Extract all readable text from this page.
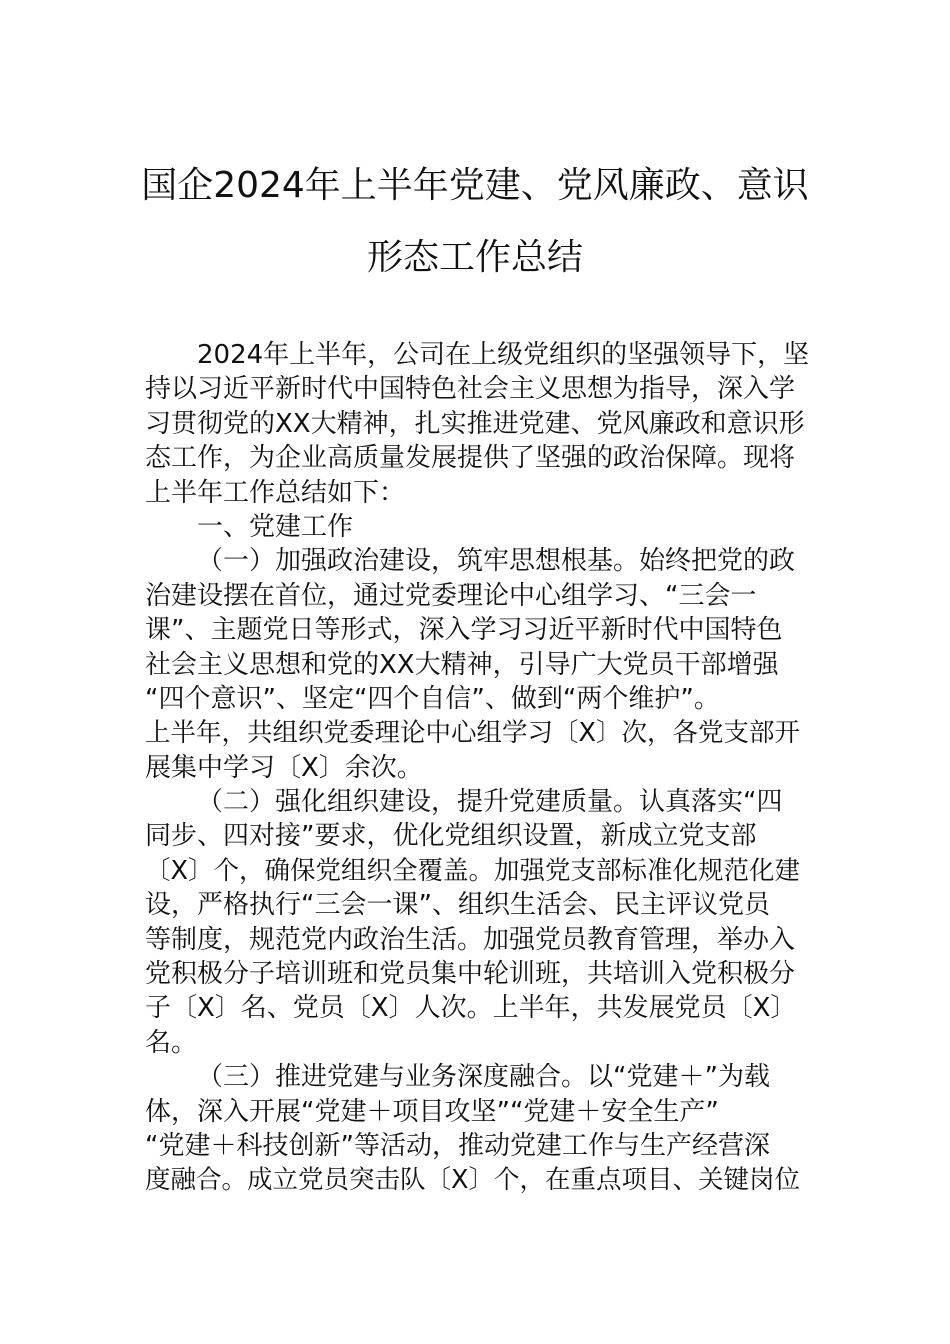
国企2024年上半年党建、党风廉政、意识
形态工作总结
2024年上半年，公司在上级党组织的坚强领导下，坚
持以习近平新时代中国特色社会主义思想为指导，深入学
习贯彻党的XX大精神，扎实推进党建、党风廉政和意识形
态工作，为企业高质量发展提供了坚强的政治保障。现将
上半年工作总结如下：
一、党建工作
（一）加强政治建设，筑牢思想根基。始终把党的政
治建设摆在首位，通过党委理论中心组学习、“三会一
课”、主题党日等形式，深入学习习近平新时代中国特色
社会主义思想和党的XX大精神，引导广大党员干部增强
“四个意识”、坚定“四个自信”、做到“两个维护”。
上半年，共组织党委理论中心组学习〔X〕次，各党支部开
展集中学习〔X〕余次。
（二）强化组织建设，提升党建质量。认真落实“四
同步、四对接”要求，优化党组织设置，新成立党支部
〔X〕个，确保党组织全覆盖。加强党支部标准化规范化建
设，严格执行“三会一课”、组织生活会、民主评议党员
等制度，规范党内政治生活。加强党员教育管理，举办入
党积极分子培训班和党员集中轮训班，共培训入党积极分
子〔X〕名、党员〔X〕人次。上半年，共发展党员〔X〕
名。
（三）推进党建与业务深度融合。以“党建＋”为载
体，深入开展“党建＋项目攻坚”“党建＋安全生产”
“党建＋科技创新”等活动，推动党建工作与生产经营深
度融合。成立党员突击队〔X〕个，在重点项目、关键岗位
